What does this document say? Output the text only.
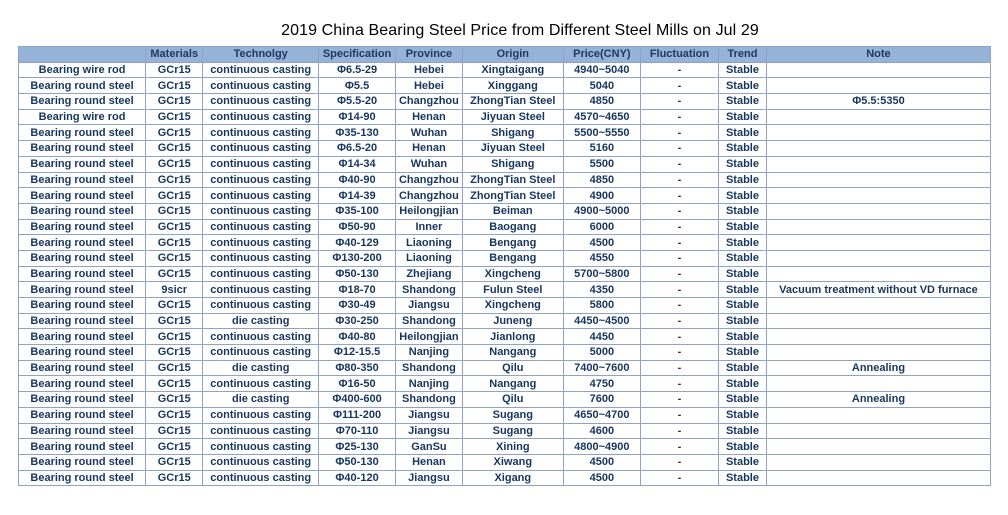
2019 China Bearing Steel Price from Different Steel Mills on Jul 29
	Materials	Technolgy	Specification	Province	Origin	Price(CNY)	Fluctuation	Trend	Note
Bearing wire rod	GCr15	continuous casting	Φ6.5-29	Hebei	Xingtaigang	4940~5040	-	Stable	
Bearing round steel	GCr15	continuous casting	Φ5.5	Hebei	Xinggang	5040	-	Stable	
Bearing round steel	GCr15	continuous casting	Φ5.5-20	Changzhou	ZhongTian Steel	4850	-	Stable	Φ5.5:5350
Bearing wire rod	GCr15	continuous casting	Φ14-90	Henan	Jiyuan Steel	4570~4650	-	Stable	
Bearing round steel	GCr15	continuous casting	Φ35-130	Wuhan	Shigang	5500~5550	-	Stable	
Bearing round steel	GCr15	continuous casting	Φ6.5-20	Henan	Jiyuan Steel	5160	-	Stable	
Bearing round steel	GCr15	continuous casting	Φ14-34	Wuhan	Shigang	5500	-	Stable	
Bearing round steel	GCr15	continuous casting	Φ40-90	Changzhou	ZhongTian Steel	4850	-	Stable	
Bearing round steel	GCr15	continuous casting	Φ14-39	Changzhou	ZhongTian Steel	4900	-	Stable	
Bearing round steel	GCr15	continuous casting	Φ35-100	Heilongjian	Beiman	4900~5000	-	Stable	
Bearing round steel	GCr15	continuous casting	Φ50-90	Inner	Baogang	6000	-	Stable	
Bearing round steel	GCr15	continuous casting	Φ40-129	Liaoning	Bengang	4500	-	Stable	
Bearing round steel	GCr15	continuous casting	Φ130-200	Liaoning	Bengang	4550	-	Stable	
Bearing round steel	GCr15	continuous casting	Φ50-130	Zhejiang	Xingcheng	5700~5800	-	Stable	
Bearing round steel	9sicr	continuous casting	Φ18-70	Shandong	Fulun Steel	4350	-	Stable	Vacuum treatment without VD furnace
Bearing round steel	GCr15	continuous casting	Φ30-49	Jiangsu	Xingcheng	5800	-	Stable	
Bearing round steel	GCr15	die casting	Φ30-250	Shandong	Juneng	4450~4500	-	Stable	
Bearing round steel	GCr15	continuous casting	Φ40-80	Heilongjian	Jianlong	4450	-	Stable	
Bearing round steel	GCr15	continuous casting	Φ12-15.5	Nanjing	Nangang	5000	-	Stable	
Bearing round steel	GCr15	die casting	Φ80-350	Shandong	Qilu	7400~7600	-	Stable	Annealing
Bearing round steel	GCr15	continuous casting	Φ16-50	Nanjing	Nangang	4750	-	Stable	
Bearing round steel	GCr15	die casting	Φ400-600	Shandong	Qilu	7600	-	Stable	Annealing
Bearing round steel	GCr15	continuous casting	Φ111-200	Jiangsu	Sugang	4650~4700	-	Stable	
Bearing round steel	GCr15	continuous casting	Φ70-110	Jiangsu	Sugang	4600	-	Stable	
Bearing round steel	GCr15	continuous casting	Φ25-130	GanSu	Xining	4800~4900	-	Stable	
Bearing round steel	GCr15	continuous casting	Φ50-130	Henan	Xiwang	4500	-	Stable	
Bearing round steel	GCr15	continuous casting	Φ40-120	Jiangsu	Xigang	4500	-	Stable	
